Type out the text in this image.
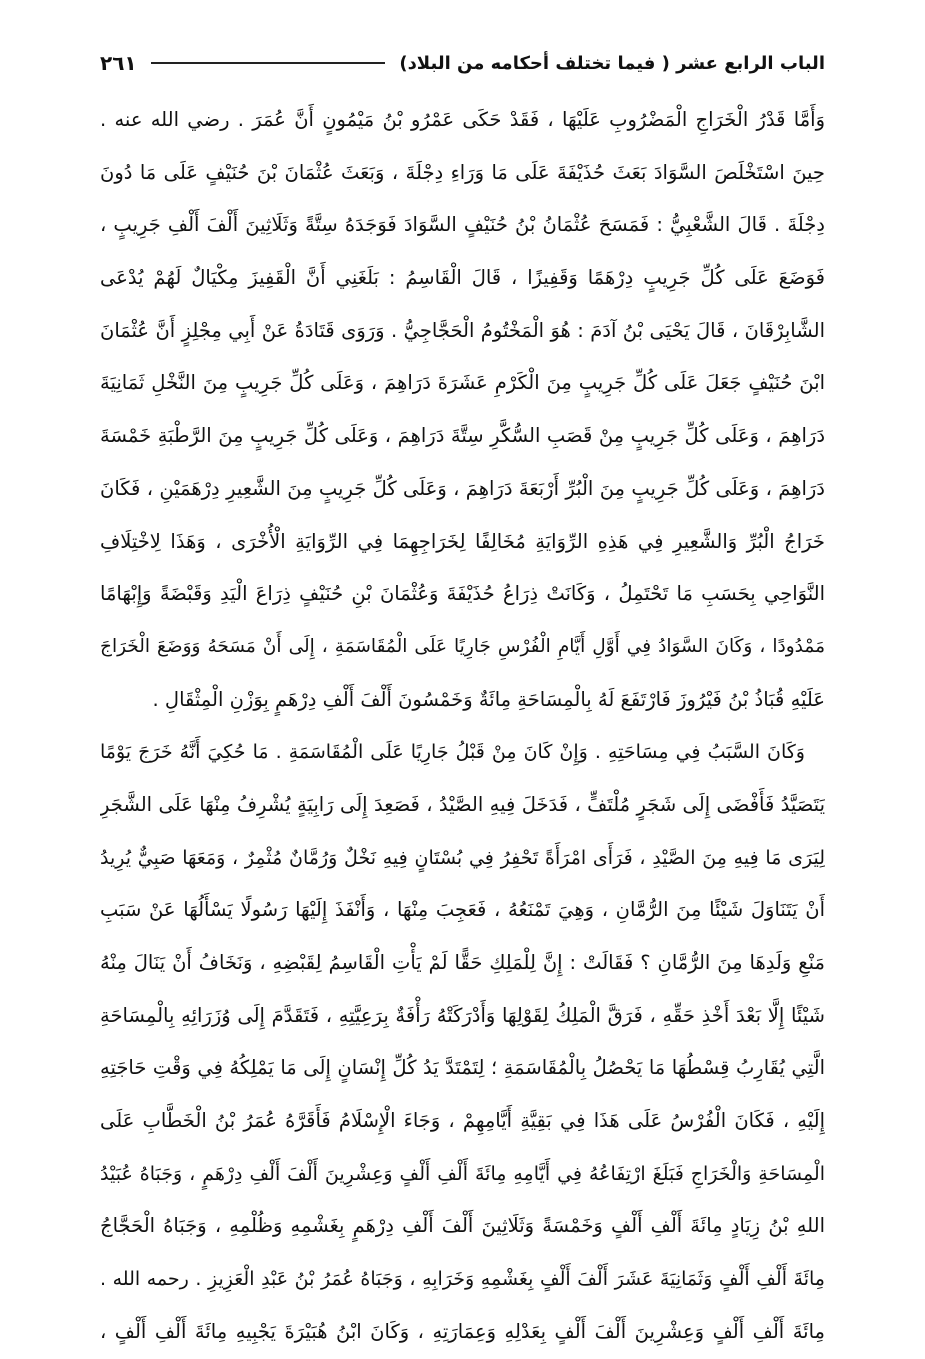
الباب الرابع عشر ( فيما تختلف أحكامه من البلاد)
٢٦١
وَأَمَّا قَدْرُ الْخَرَاجِ الْمَضْرُوبِ عَلَيْهَا ، فَقَدْ حَكَى عَمْرُو بْنُ مَيْمُونٍ أَنَّ عُمَرَ . رضي الله عنه .
حِينَ اسْتَخْلَصَ السَّوَادَ بَعَثَ حُذَيْفَةَ عَلَى مَا وَرَاءِ دِجْلَةَ ، وَبَعَثَ عُثْمَانَ بْنَ حُنَيْفٍ عَلَى مَا دُونَ
دِجْلَةَ . قَالَ الشَّعْبِيُّ : فَمَسَحَ عُثْمَانُ بْنُ حُنَيْفٍ السَّوَادَ فَوَجَدَهُ سِتَّةً وَثَلَاثِينَ أَلْفَ أَلْفِ جَرِيبٍ ،
فَوَضَعَ عَلَى كُلِّ جَرِيبٍ دِرْهَمًا وَقَفِيزًا ، قَالَ الْقَاسِمُ : بَلَغَنِي أَنَّ الْقَفِيزَ مِكْيَالٌ لَهُمْ يُدْعَى
الشَّابِرْقَانَ ، قَالَ يَحْيَى بْنُ آدَمَ : هُوَ الْمَخْتُومُ الْحَجَّاجِيُّ . وَرَوَى قَتَادَةُ عَنْ أَبِي مِجْلِزٍ أَنَّ عُثْمَانَ
ابْنَ حُنَيْفٍ جَعَلَ عَلَى كُلِّ جَرِيبٍ مِنَ الْكَرْمِ عَشَرَةَ دَرَاهِمَ ، وَعَلَى كُلِّ جَرِيبٍ مِنَ النَّخْلِ ثَمَانِيَةَ
دَرَاهِمَ ، وَعَلَى كُلِّ جَرِيبٍ مِنْ قَصَبِ السُّكَّرِ سِتَّةَ دَرَاهِمَ ، وَعَلَى كُلِّ جَرِيبٍ مِنَ الرَّطْبَةِ خَمْسَةَ
دَرَاهِمَ ، وَعَلَى كُلِّ جَرِيبٍ مِنَ الْبُرِّ أَرْبَعَةَ دَرَاهِمَ ، وَعَلَى كُلِّ جَرِيبٍ مِنَ الشَّعِيرِ دِرْهَمَيْنِ ، فَكَانَ
خَرَاجُ الْبُرِّ وَالشَّعِيرِ فِي هَذِهِ الرِّوَايَةِ مُخَالِفًا لِخَرَاجِهِمَا فِي الرِّوَايَةِ الْأُخْرَى ، وَهَذَا لِاخْتِلَافِ
النَّوَاحِي بِحَسَبِ مَا تَحْتَمِلُ ، وَكَانَتْ ذِرَاعُ حُذَيْفَةَ وَعُثْمَانَ بْنِ حُنَيْفٍ ذِرَاعَ الْيَدِ وَقَبْضَةً وَإِبْهَامًا
مَمْدُودًا ، وَكَانَ السَّوَادُ فِي أَوَّلِ أَيَّامِ الْفُرْسِ جَارِيًا عَلَى الْمُقَاسَمَةِ ، إِلَى أَنْ مَسَحَهُ وَوَضَعَ الْخَرَاجَ
عَلَيْهِ قُبَاذُ بْنُ فَيْرُوزَ فَارْتَفَعَ لَهُ بِالْمِسَاحَةِ مِائَةٌ وَخَمْسُونَ أَلْفَ أَلْفِ دِرْهَمٍ بِوَزْنِ الْمِثْقَالِ .
وَكَانَ السَّبَبُ فِي مِسَاحَتِهِ . وَإِنْ كَانَ مِنْ قَبْلُ جَارِيًا عَلَى الْمُقَاسَمَةِ . مَا حُكِيَ أَنَّهُ خَرَجَ يَوْمًا
يَتَصَيَّدُ فَأَفْضَى إِلَى شَجَرٍ مُلْتَفٍّ ، فَدَخَلَ فِيهِ الصَّيْدُ ، فَصَعِدَ إِلَى رَابِيَةٍ يُشْرِفُ مِنْهَا عَلَى الشَّجَرِ
لِيَرَى مَا فِيهِ مِنَ الصَّيْدِ ، فَرَأَى امْرَأَةً تَحْفِرُ فِي بُسْتَانٍ فِيهِ نَخْلٌ وَرُمَّانٌ مُثْمِرٌ ، وَمَعَهَا صَبِيٌّ يُرِيدُ
أَنْ يَتَنَاوَلَ شَيْئًا مِنَ الرُّمَّانِ ، وَهِيَ تَمْنَعُهُ ، فَعَجِبَ مِنْهَا ، وَأَنْفَذَ إِلَيْهَا رَسُولًا يَسْأَلُهَا عَنْ سَبَبِ
مَنْعِ وَلَدِهَا مِنَ الرُّمَّانِ ؟ فَقَالَتْ : إِنَّ لِلْمَلِكِ حَقًّا لَمْ يَأْتِ الْقَاسِمُ لِقَبْضِهِ ، وَنَخَافُ أَنْ يَنَالَ مِنْهُ
شَيْئًا إِلَّا بَعْدَ أَخْذِ حَقِّهِ ، فَرَقَّ الْمَلِكُ لِقَوْلِهَا وَأَدْرَكَتْهُ رَأْفَةٌ بِرَعِيَّتِهِ ، فَتَقَدَّمَ إِلَى وُزَرَائِهِ بِالْمِسَاحَةِ
الَّتِي يُقَارِبُ قِسْطُهَا مَا يَحْصُلُ بِالْمُقَاسَمَةِ ؛ لِتَمْتَدَّ يَدُ كُلِّ إِنْسَانٍ إِلَى مَا يَمْلِكُهُ فِي وَقْتِ حَاجَتِهِ
إِلَيْهِ ، فَكَانَ الْفُرْسُ عَلَى هَذَا فِي بَقِيَّةِ أَيَّامِهِمْ ، وَجَاءَ الْإِسْلَامُ فَأَقَرَّهُ عُمَرُ بْنُ الْخَطَّابِ عَلَى
الْمِسَاحَةِ وَالْخَرَاجِ فَبَلَغَ ارْتِفَاعُهُ فِي أَيَّامِهِ مِائَةَ أَلْفِ أَلْفٍ وَعِشْرِينَ أَلْفَ أَلْفِ دِرْهَمٍ ، وَجَبَاهُ عُبَيْدُ
اللهِ بْنُ زِيَادٍ مِائَةَ أَلْفِ أَلْفٍ وَخَمْسَةً وَثَلَاثِينَ أَلْفَ أَلْفِ دِرْهَمٍ بِغَشْمِهِ وَظُلْمِهِ ، وَجَبَاهُ الْحَجَّاجُ
مِائَةَ أَلْفِ أَلْفٍ وَثَمَانِيَةَ عَشَرَ أَلْفَ أَلْفٍ بِغَشْمِهِ وَخَرَابِهِ ، وَجَبَاهُ عُمَرُ بْنُ عَبْدِ الْعَزِيزِ . رحمه الله .
مِائَةَ أَلْفِ أَلْفٍ وَعِشْرِينَ أَلْفَ أَلْفٍ بِعَدْلِهِ وَعِمَارَتِهِ ، وَكَانَ ابْنُ هُبَيْرَةَ يَجْبِيهِ مِائَةَ أَلْفِ أَلْفٍ ،
